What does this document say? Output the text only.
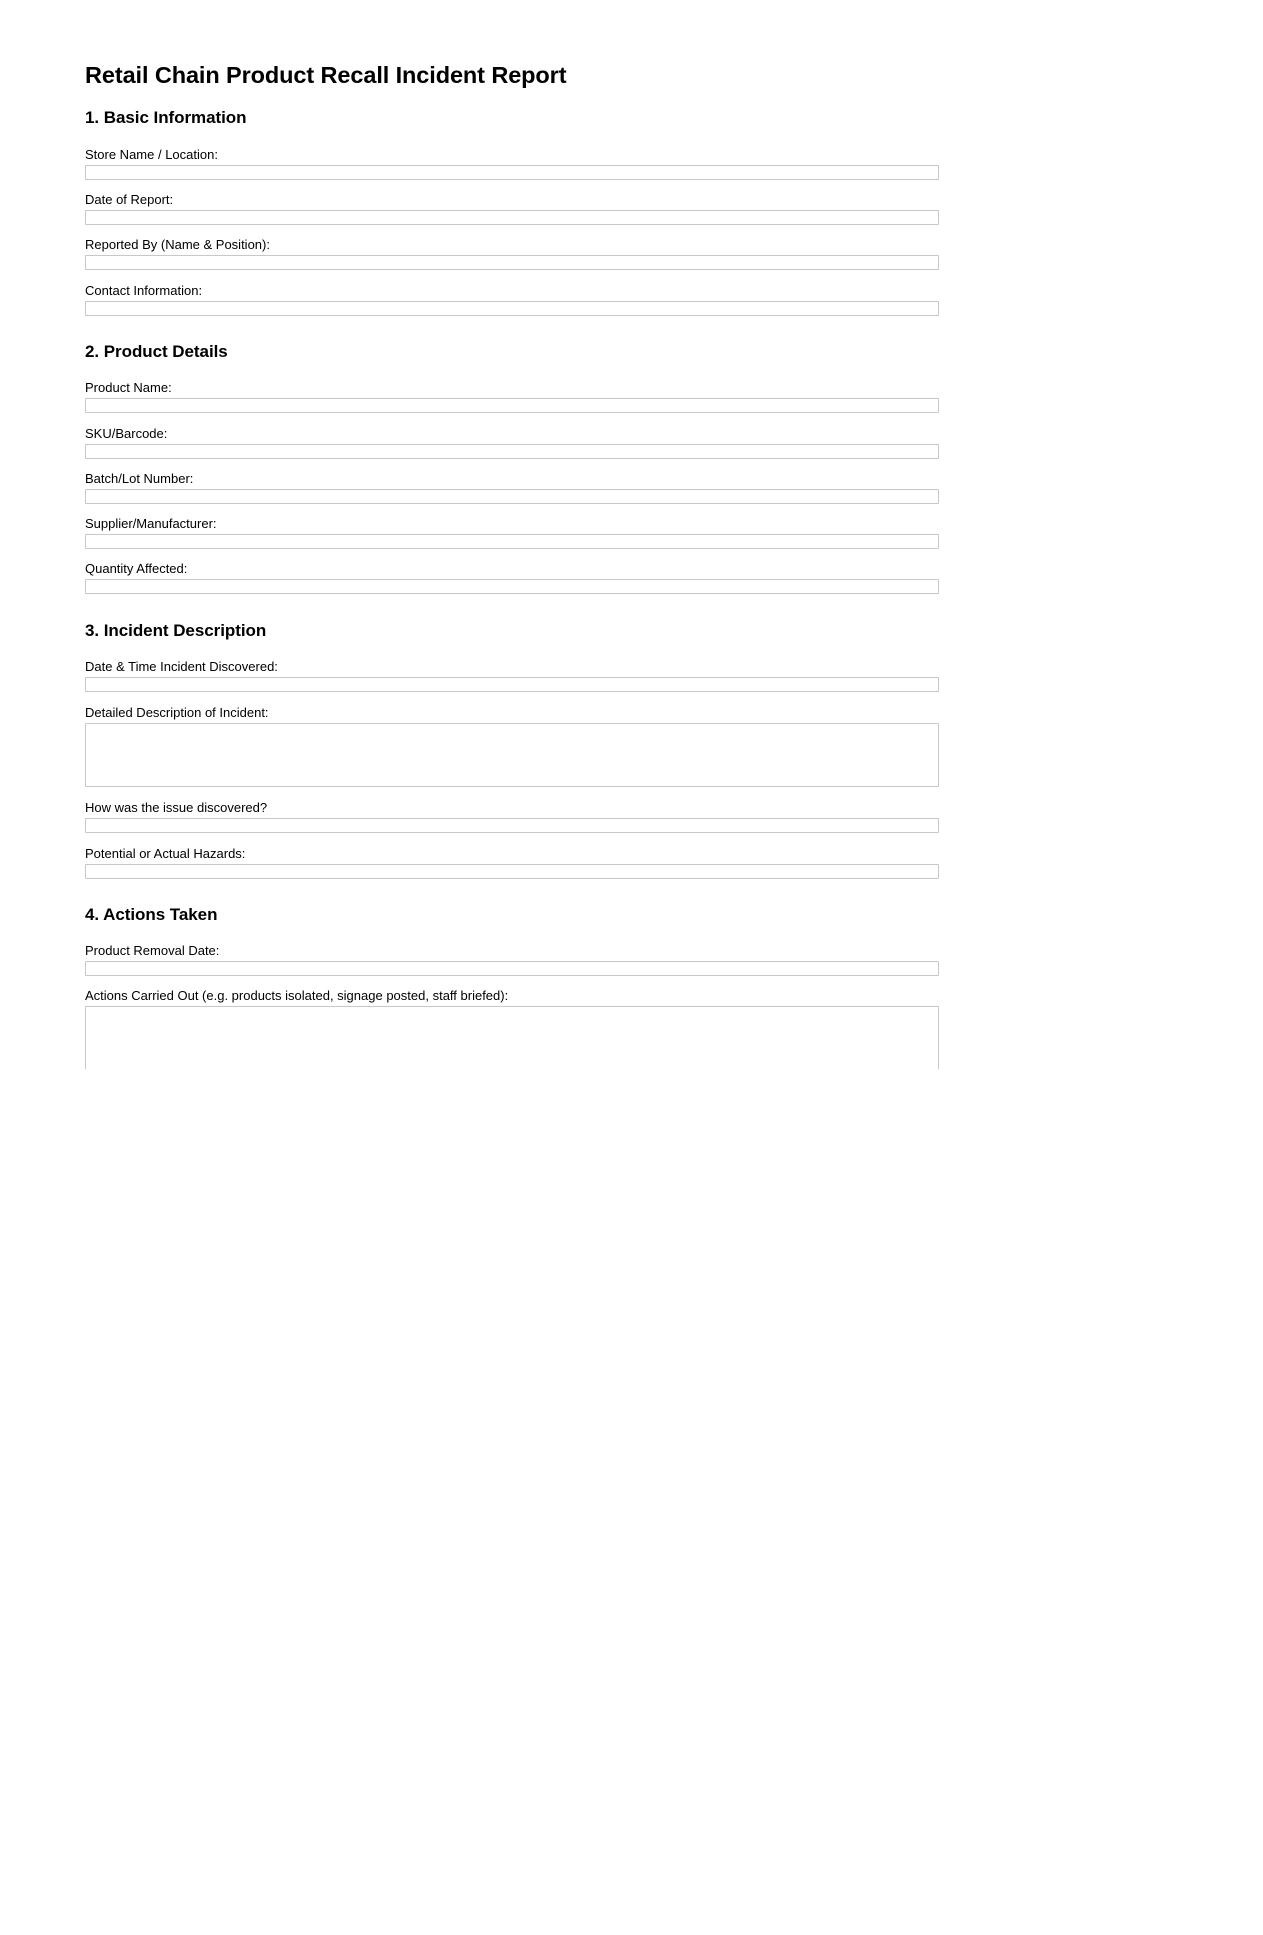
Retail Chain Product Recall Incident Report
1. Basic Information
Store Name / Location:
Date of Report:
Reported By (Name & Position):
Contact Information:
2. Product Details
Product Name:
SKU/Barcode:
Batch/Lot Number:
Supplier/Manufacturer:
Quantity Affected:
3. Incident Description
Date & Time Incident Discovered:
Detailed Description of Incident:
How was the issue discovered?
Potential or Actual Hazards:
4. Actions Taken
Product Removal Date:
Actions Carried Out (e.g. products isolated, signage posted, staff briefed):
